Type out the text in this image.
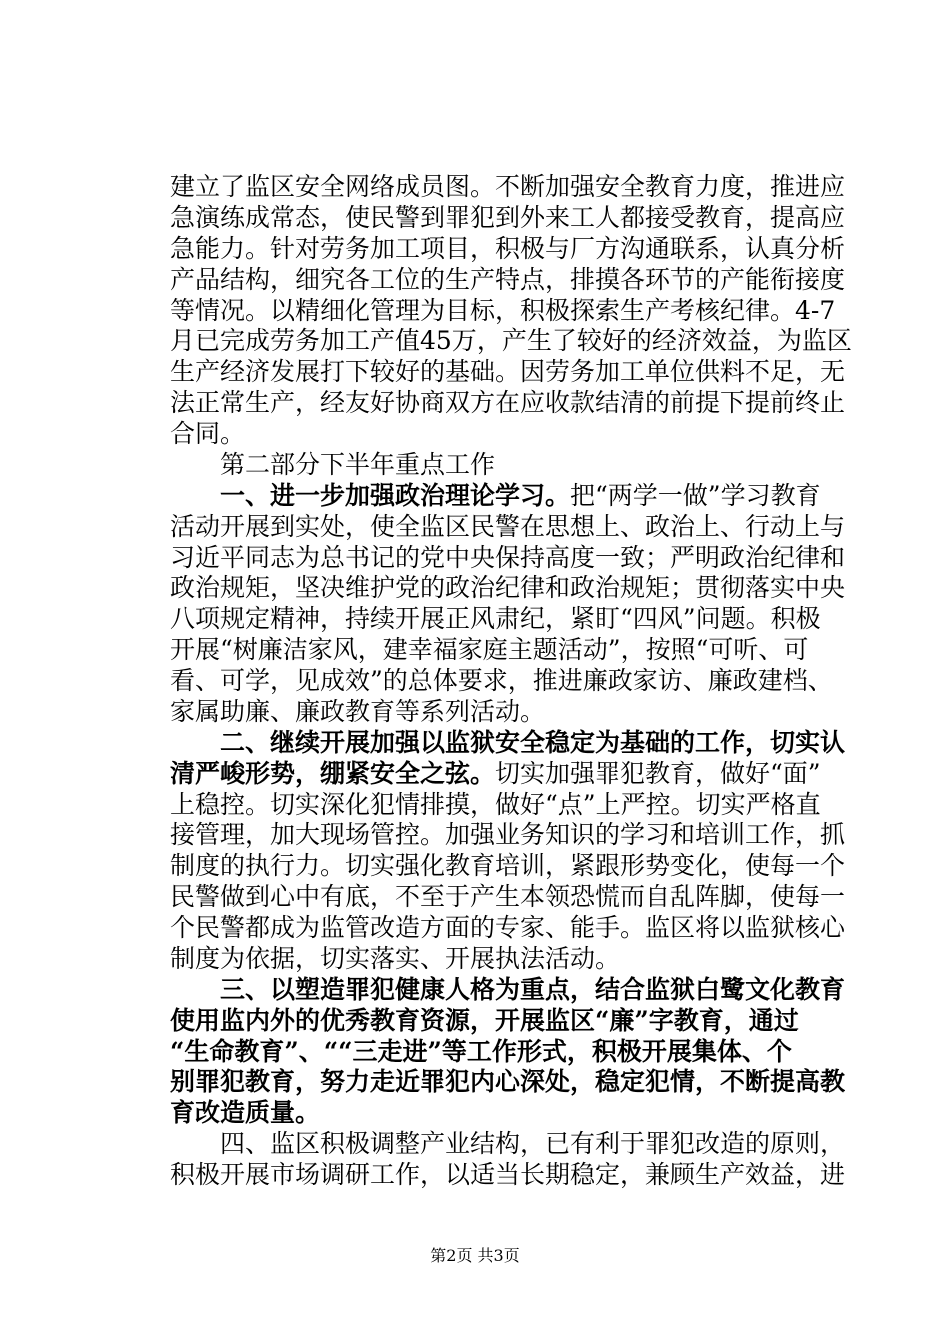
建立了监区安全网络成员图。不断加强安全教育力度，推进应
急演练成常态，使民警到罪犯到外来工人都接受教育，提高应
急能力。针对劳务加工项目，积极与厂方沟通联系，认真分析
产品结构，细究各工位的生产特点，排摸各环节的产能衔接度
等情况。以精细化管理为目标，积极探索生产考核纪律。4-7
月已完成劳务加工产值45万，产生了较好的经济效益，为监区
生产经济发展打下较好的基础。因劳务加工单位供料不足，无
法正常生产，经友好协商双方在应收款结清的前提下提前终止
合同。
第二部分下半年重点工作
一、进一步加强政治理论学习。把“两学一做”学习教育
活动开展到实处，使全监区民警在思想上、政治上、行动上与
习近平同志为总书记的党中央保持高度一致；严明政治纪律和
政治规矩，坚决维护党的政治纪律和政治规矩；贯彻落实中央
八项规定精神，持续开展正风肃纪，紧盯“四风”问题。积极
开展“树廉洁家风，建幸福家庭主题活动”，按照“可听、可
看、可学，见成效”的总体要求，推进廉政家访、廉政建档、
家属助廉、廉政教育等系列活动。
二、继续开展加强以监狱安全稳定为基础的工作，切实认
清严峻形势，绷紧安全之弦。切实加强罪犯教育，做好“面”
上稳控。切实深化犯情排摸，做好“点”上严控。切实严格直
接管理，加大现场管控。加强业务知识的学习和培训工作，抓
制度的执行力。切实强化教育培训，紧跟形势变化，使每一个
民警做到心中有底，不至于产生本领恐慌而自乱阵脚，使每一
个民警都成为监管改造方面的专家、能手。监区将以监狱核心
制度为依据，切实落实、开展执法活动。
三、以塑造罪犯健康人格为重点，结合监狱白鹭文化教育
使用监内外的优秀教育资源，开展监区“廉”字教育，通过
“生命教育”、““三走进”等工作形式，积极开展集体、个
别罪犯教育，努力走近罪犯内心深处，稳定犯情，不断提高教
育改造质量。
四、监区积极调整产业结构，已有利于罪犯改造的原则，
积极开展市场调研工作，以适当长期稳定，兼顾生产效益，进
第2页 共3页
